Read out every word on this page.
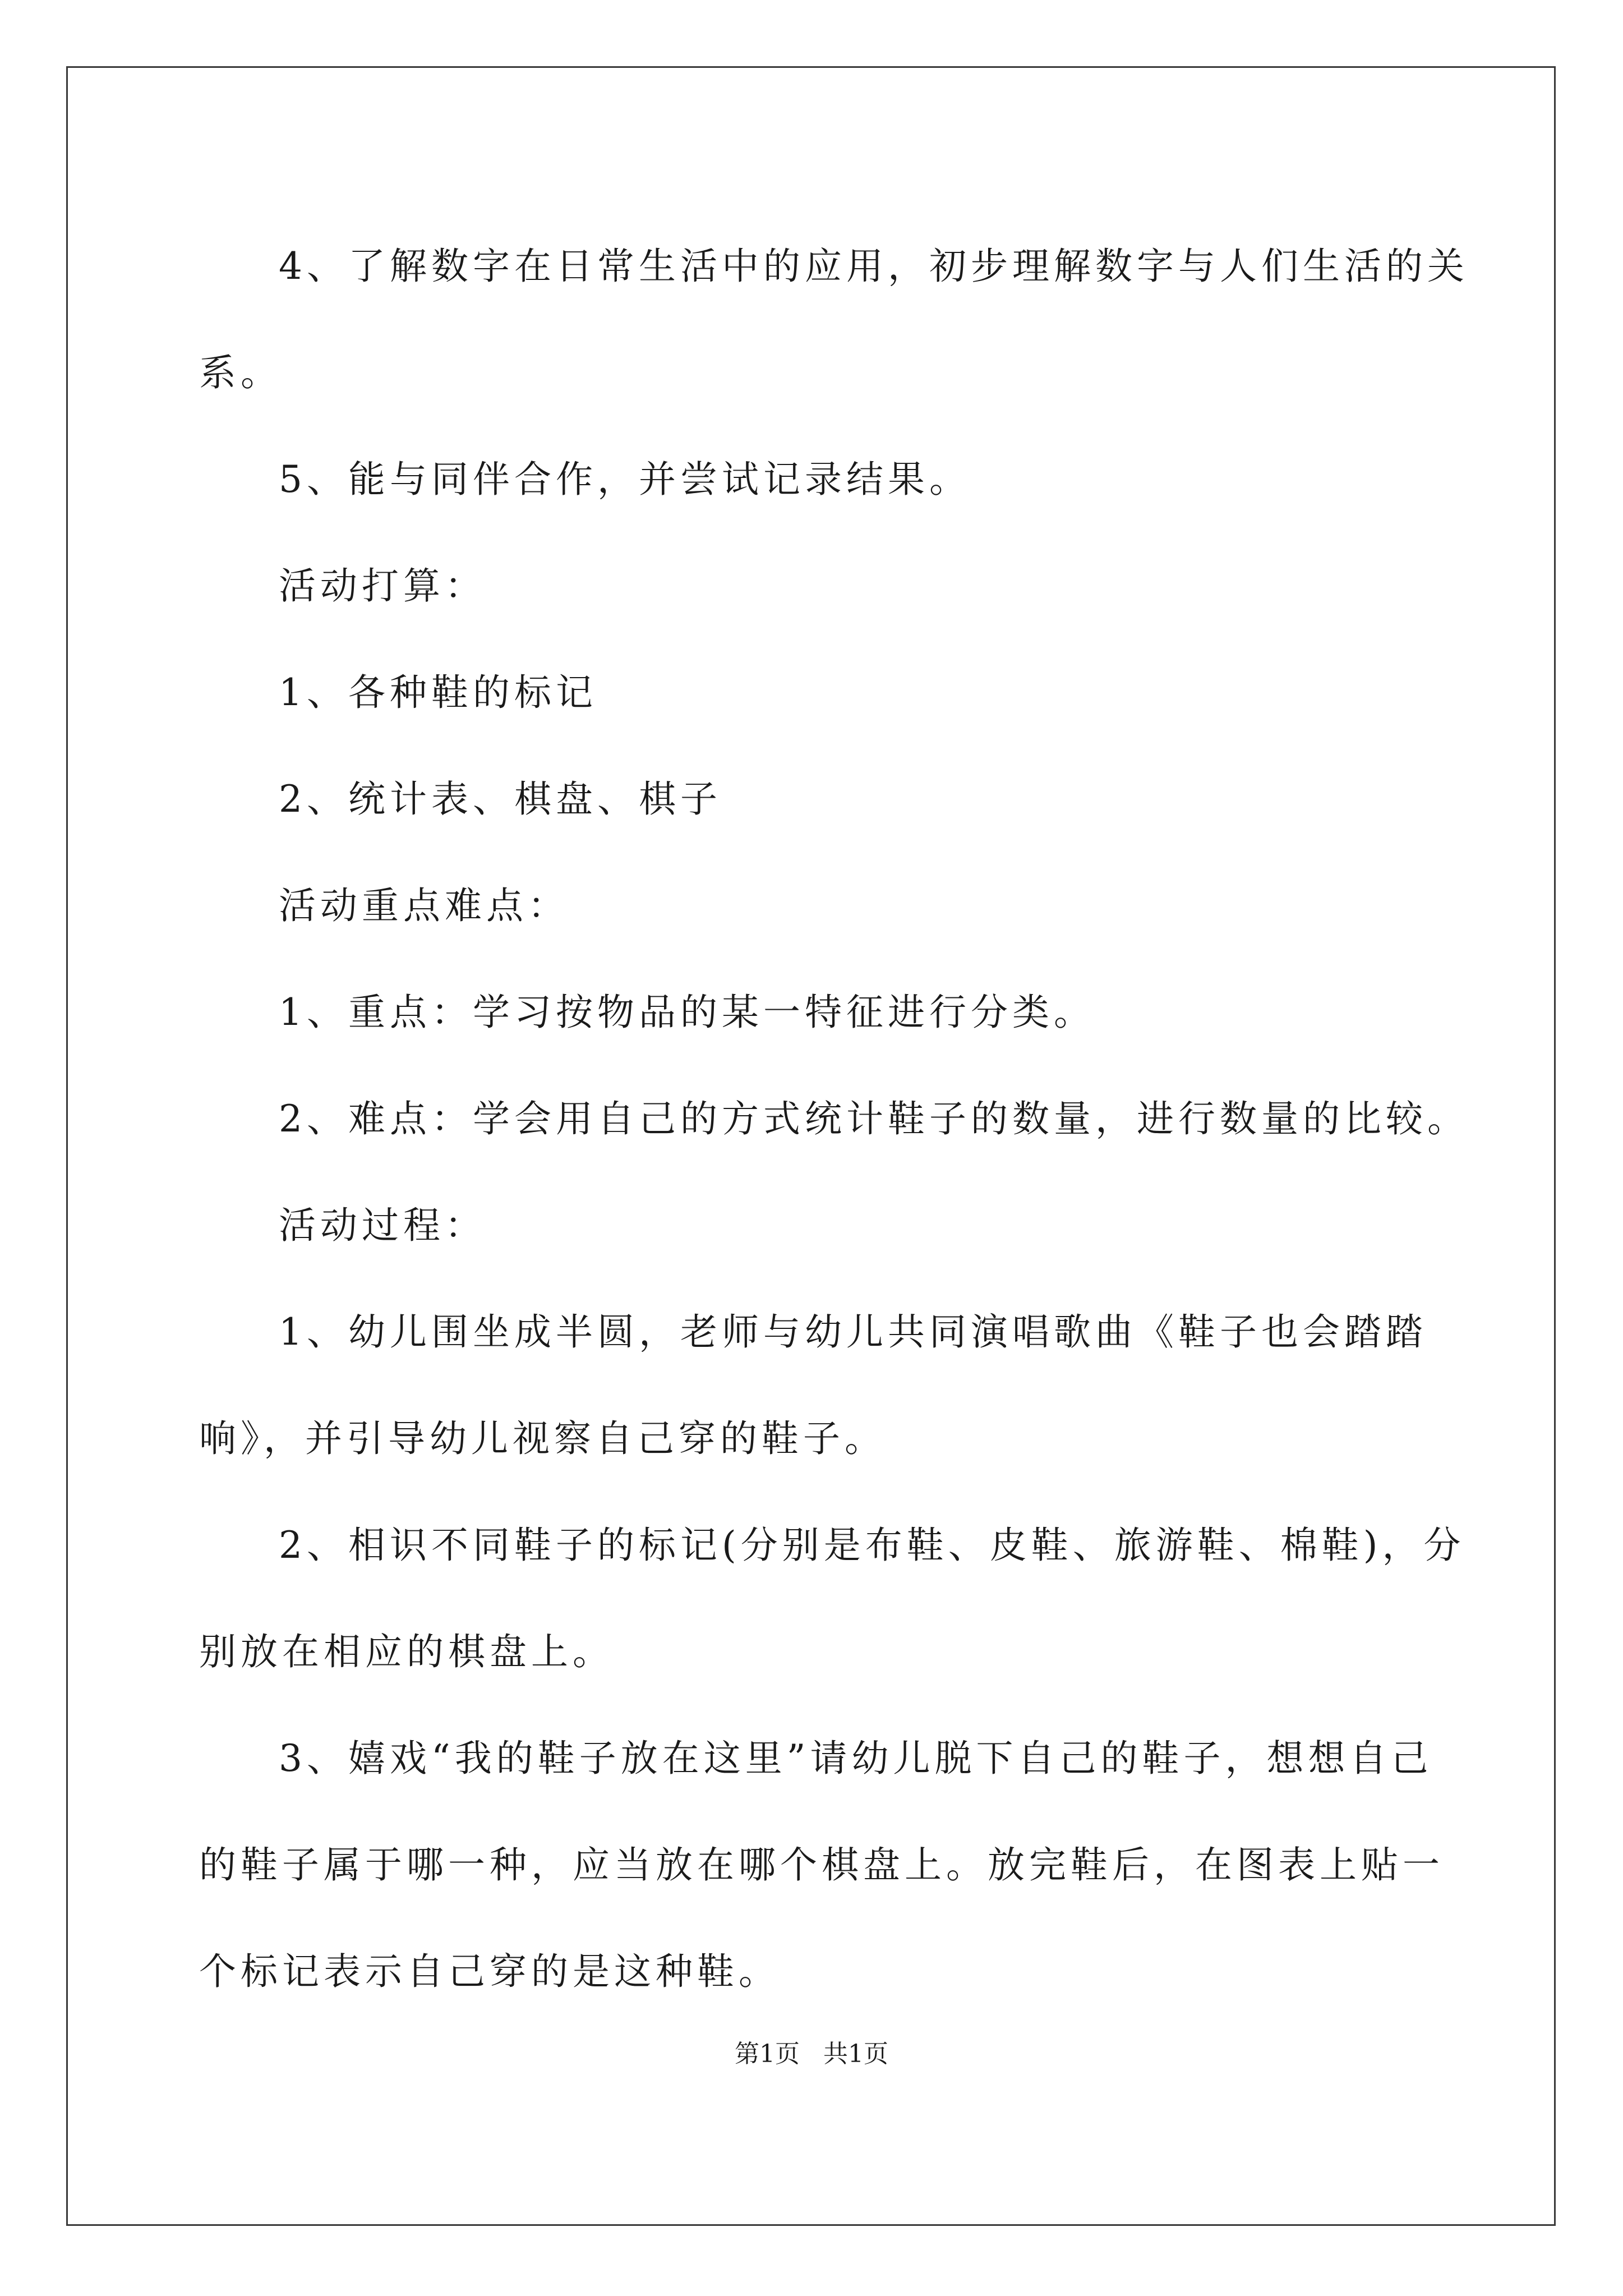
4、了解数字在日常生活中的应用，初步理解数字与人们生活的关

系。

5、能与同伴合作，并尝试记录结果。

活动打算：

1、各种鞋的标记

2、统计表、棋盘、棋子

活动重点难点：

1、重点：学习按物品的某一特征进行分类。

2、难点：学会用自己的方式统计鞋子的数量，进行数量的比较。

活动过程：

1、幼儿围坐成半圆，老师与幼儿共同演唱歌曲《鞋子也会踏踏

响》，并引导幼儿视察自己穿的鞋子。

2、相识不同鞋子的标记(分别是布鞋、皮鞋、旅游鞋、棉鞋)，分

别放在相应的棋盘上。

3、嬉戏“我的鞋子放在这里”请幼儿脱下自己的鞋子，想想自己

的鞋子属于哪一种，应当放在哪个棋盘上。放完鞋后，在图表上贴一

个标记表示自己穿的是这种鞋。

第1页   共1页
